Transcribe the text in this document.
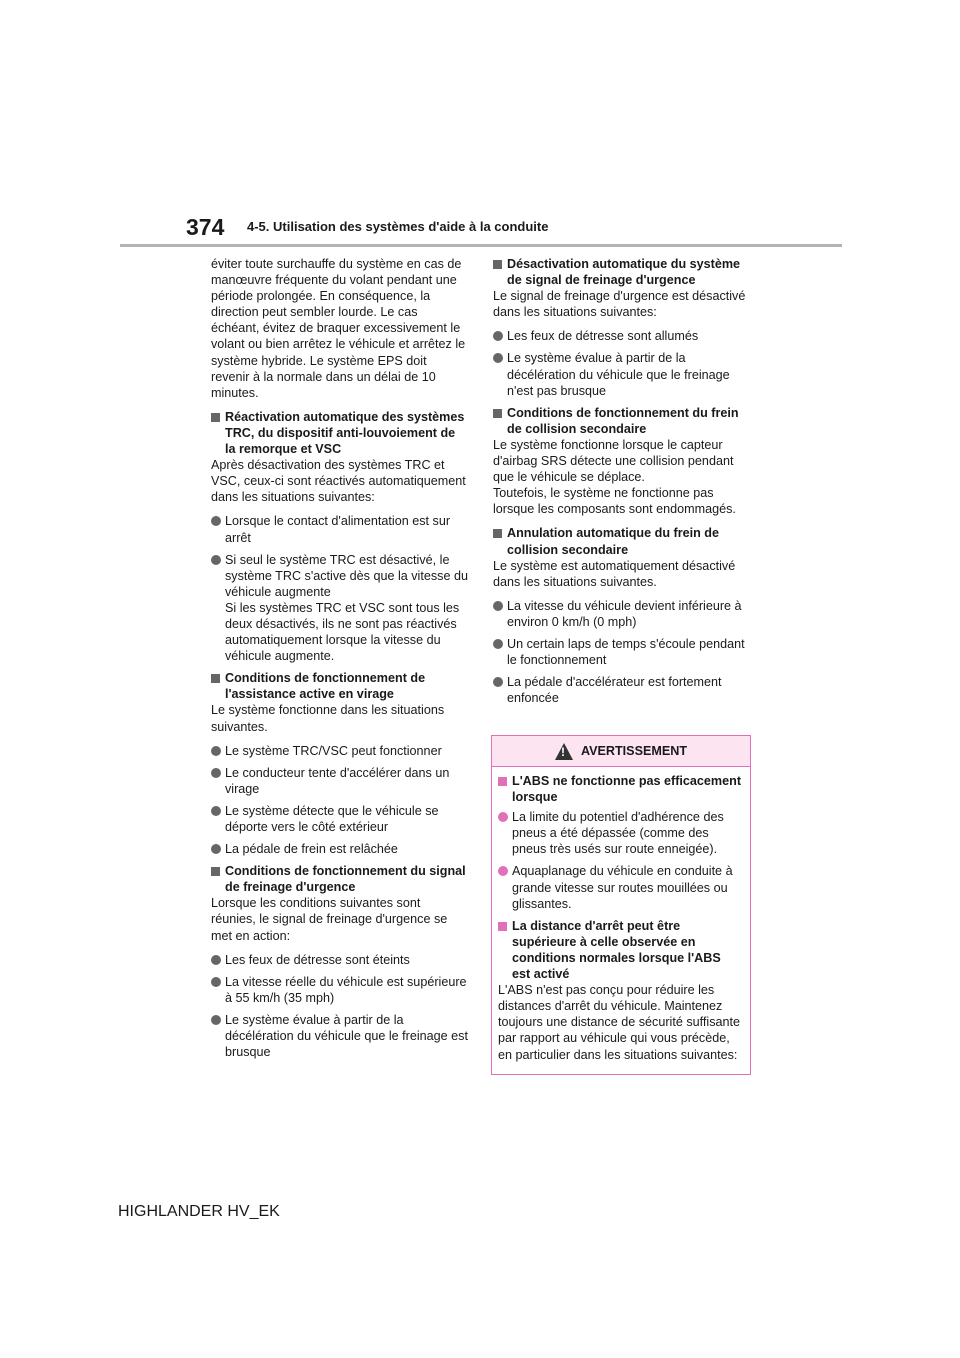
374 4-5. Utilisation des systèmes d'aide à la conduite

éviter toute surchauffe du système en cas de manœuvre fréquente du volant pendant une période prolongée. En conséquence, la direction peut sembler lourde. Le cas échéant, évitez de braquer excessivement le volant ou bien arrêtez le véhicule et arrêtez le système hybride. Le système EPS doit revenir à la normale dans un délai de 10 minutes.

Réactivation automatique des systèmes TRC, du dispositif anti-louvoiement de la remorque et VSC

Après désactivation des systèmes TRC et VSC, ceux-ci sont réactivés automatiquement dans les situations suivantes:

Lorsque le contact d'alimentation est sur arrêt

Si seul le système TRC est désactivé, le système TRC s'active dès que la vitesse du véhicule augmente
Si les systèmes TRC et VSC sont tous les deux désactivés, ils ne sont pas réactivés automatiquement lorsque la vitesse du véhicule augmente.

Conditions de fonctionnement de l'assistance active en virage

Le système fonctionne dans les situations suivantes.

Le système TRC/VSC peut fonctionner

Le conducteur tente d'accélérer dans un virage

Le système détecte que le véhicule se déporte vers le côté extérieur

La pédale de frein est relâchée

Conditions de fonctionnement du signal de freinage d'urgence

Lorsque les conditions suivantes sont réunies, le signal de freinage d'urgence se met en action:

Les feux de détresse sont éteints

La vitesse réelle du véhicule est supérieure à 55 km/h (35 mph)

Le système évalue à partir de la décélération du véhicule que le freinage est brusque

Désactivation automatique du système de signal de freinage d'urgence

Le signal de freinage d'urgence est désactivé dans les situations suivantes:

Les feux de détresse sont allumés

Le système évalue à partir de la décélération du véhicule que le freinage n'est pas brusque

Conditions de fonctionnement du frein de collision secondaire

Le système fonctionne lorsque le capteur d'airbag SRS détecte une collision pendant que le véhicule se déplace.
Toutefois, le système ne fonctionne pas lorsque les composants sont endommagés.

Annulation automatique du frein de collision secondaire

Le système est automatiquement désactivé dans les situations suivantes.

La vitesse du véhicule devient inférieure à environ 0 km/h (0 mph)

Un certain laps de temps s'écoule pendant le fonctionnement

La pédale d'accélérateur est fortement enfoncée

!
AVERTISSEMENT

L'ABS ne fonctionne pas efficacement lorsque

La limite du potentiel d'adhérence des pneus a été dépassée (comme des pneus très usés sur route enneigée).

Aquaplanage du véhicule en conduite à grande vitesse sur routes mouillées ou glissantes.

La distance d'arrêt peut être supérieure à celle observée en conditions normales lorsque l'ABS est activé

L'ABS n'est pas conçu pour réduire les distances d'arrêt du véhicule. Maintenez toujours une distance de sécurité suffisante par rapport au véhicule qui vous précède, en particulier dans les situations suivantes:

HIGHLANDER HV_EK
